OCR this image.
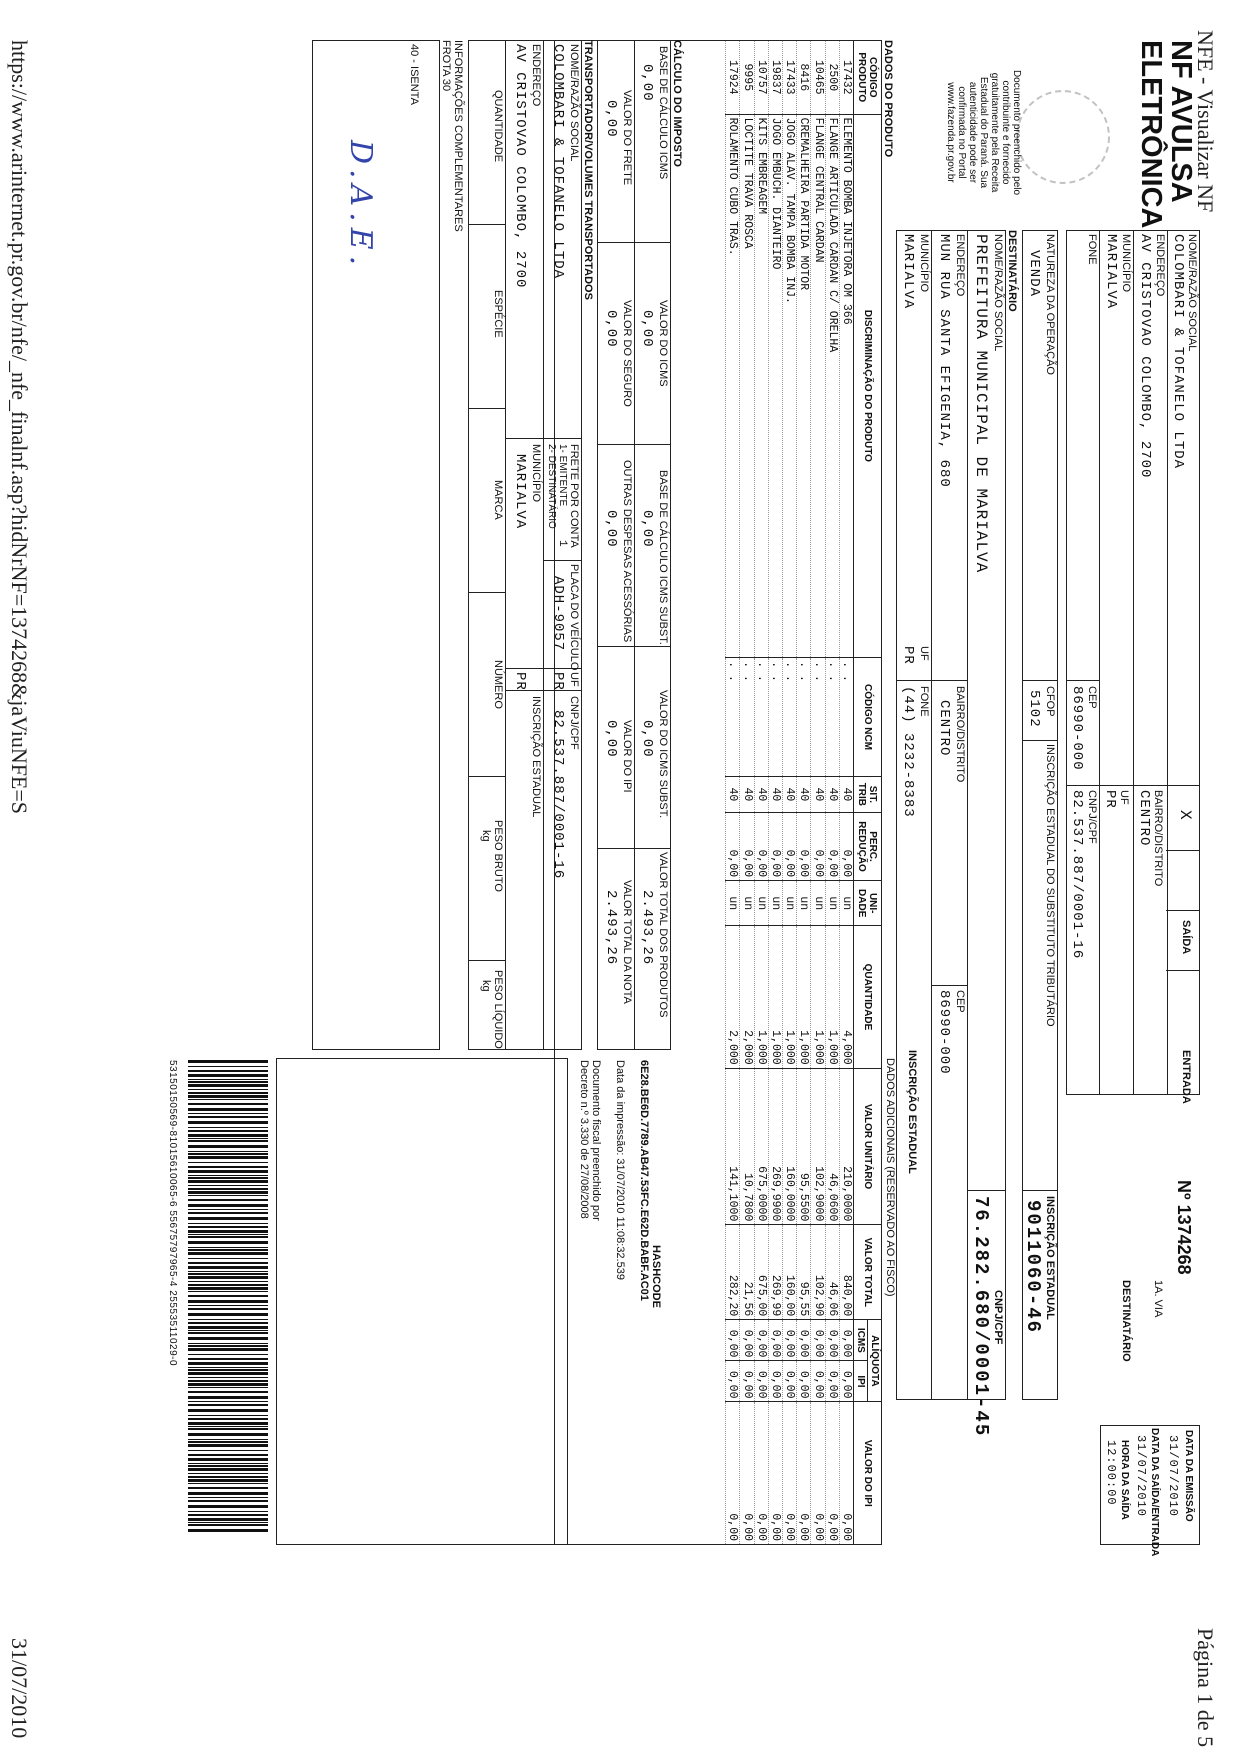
NFE - Visualizar NF
Página 1 de 5
https://www.arinternet.pr.gov.br/nfe/_nfe_finalnf.asp?hidNrNF=1374268&jaViuNFE=S
31/07/2010
NF AVULSA
ELETRÔNICA
Documento preenchido pelo
contribuinte e fornecido
gratuitamente pela Receita
Estadual do Paraná. Sua
autenticidade pode ser
confirmada no Portal
www.fazenda.pr.gov.br
NOME/RAZÃO SOCIAL
COLOMBARI & TOFANELO LTDA
ENDEREÇO
AV CRISTOVAO COLOMBO, 2700
MUNICÍPIO
MARIALVA
FONE
CEP
86990-000
X
SAÍDA
ENTRADA
BAIRRO/DISTRITO
CENTRO
UF
PR
CNPJ/CPF
82.537.887/0001-16
Nº 1374268
1A. VIA
DESTINATÁRIO
DATA DA EMISSÃO
31/07/2010
DATA DA SAÍDA/ENTRADA
31/07/2010
HORA DA SAÍDA
12:00:00
NATUREZA DA OPERAÇÃO
VENDA
CFOP
5102
INSCRIÇÃO ESTADUAL DO SUBSTITUTO TRIBUTÁRIO
INSCRIÇÃO ESTADUAL
9011060-46
DESTINATÁRIO
NOME/RAZÃO SOCIAL
PREFEITURA MUNICIPAL DE MARIALVA
CNPJ/CPF
76.282.680/0001-45
ENDEREÇO
MUN RUA SANTA EFIGENIA, 680
BAIRRO/DISTRITO
CENTRO
CEP
86990-000
MUNICÍPIO
MARIALVA
UF
PR
FONE
(44) 3232-8383
INSCRIÇÃO ESTADUAL
DADOS DO PRODUTO
CÓDIGO PRODUTO	DISCRIMINAÇÃO DO PRODUTO	CÓDIGO NCM	SIT. TRIB	PERC. REDUÇÃO	UNI-DADE	QUANTIDADE	VALOR UNITÁRIO	VALOR TOTAL	ALÍQUOTA		VALOR DO IPI
									ICMS	IPI	
17432	ELEMENTO BOMBA INJETORA OM 366	. .	40	0,00	un	4,000	210,0000	840,00	0,00	0,00	0,00
2500	FLANGE ARTICULADA CARDAN C/ ORELHA	. .	40	0,00	un	1,000	46,0600	46,06	0,00	0,00	0,00
10465	FLANGE CENTRAL CARDAN	. .	40	0,00	un	1,000	102,9000	102,90	0,00	0,00	0,00
8416	CREMALHEIRA PARTIDA MOTOR	. .	40	0,00	un	1,000	95,5500	95,55	0,00	0,00	0,00
17433	JOGO ALAV. TAMPA BOMBA INJ.	. .	40	0,00	un	1,000	160,0000	160,00	0,00	0,00	0,00
19837	JOGO EMBUCH. DIANTEIRO	. .	40	0,00	un	1,000	269,9900	269,99	0,00	0,00	0,00
10757	KITS EMBREAGEM	. .	40	0,00	un	1,000	675,0000	675,00	0,00	0,00	0,00
9995	LOCTITE TRAVA ROSCA	. .	40	0,00	un	2,000	10,7800	21,56	0,00	0,00	0,00
17924	ROLAMENTO CUBO TRAS.	. .	40	0,00	un	2,000	141,1000	282,20	0,00	0,00	0,00

DADOS ADICIONAIS (RESERVADO AO FISCO)
HASHCODE
6E28.BE6D.7789.AB47.53FC.E62D.BABF.AC01
Data da impressão: 31/07/2010 11:08:32.539
Documento fiscal preenchido por
Decreto n.º 3.330 de 27/08/2008
CÁLCULO DO IMPOSTO
BASE DE CÁLCULO ICMS
0,00
VALOR DO ICMS
0,00
BASE DE CÁLCULO ICMS SUBST.
0,00
VALOR DO ICMS SUBST.
0,00
VALOR TOTAL DOS PRODUTOS
2.493,26
VALOR DO FRETE
0,00
VALOR DO SEGURO
0,00
OUTRAS DESPESAS ACESSÓRIAS
0,00
VALOR DO IPI
0,00
VALOR TOTAL DA NOTA
2.493,26
TRANSPORTADOR/VOLUMES TRANSPORTADOS
NOME/RAZÃO SOCIAL
COLOMBARI & TOFANELO LTDA
FRETE POR CONTA
1- EMITENTE
2- DESTINATÁRIO
1
PLACA DO VEÍCULO
ADH-9057
UF
PR
CNPJ/CPF
82.537.887/0001-16
ENDEREÇO
AV CRISTOVAO COLOMBO, 2700
MUNICÍPIO
MARIALVA
PR
INSCRIÇÃO ESTADUAL
QUANTIDADE
ESPÉCIE
MARCA
NÚMERO
PESO BRUTO
kg
PESO LÍQUIDO
kg
INFORMAÇÕES COMPLEMENTARES
FROTA 30
40 - ISENTA
D.A.E.
53150150569-81015610065-6 55675797965-4 25553511029-0
